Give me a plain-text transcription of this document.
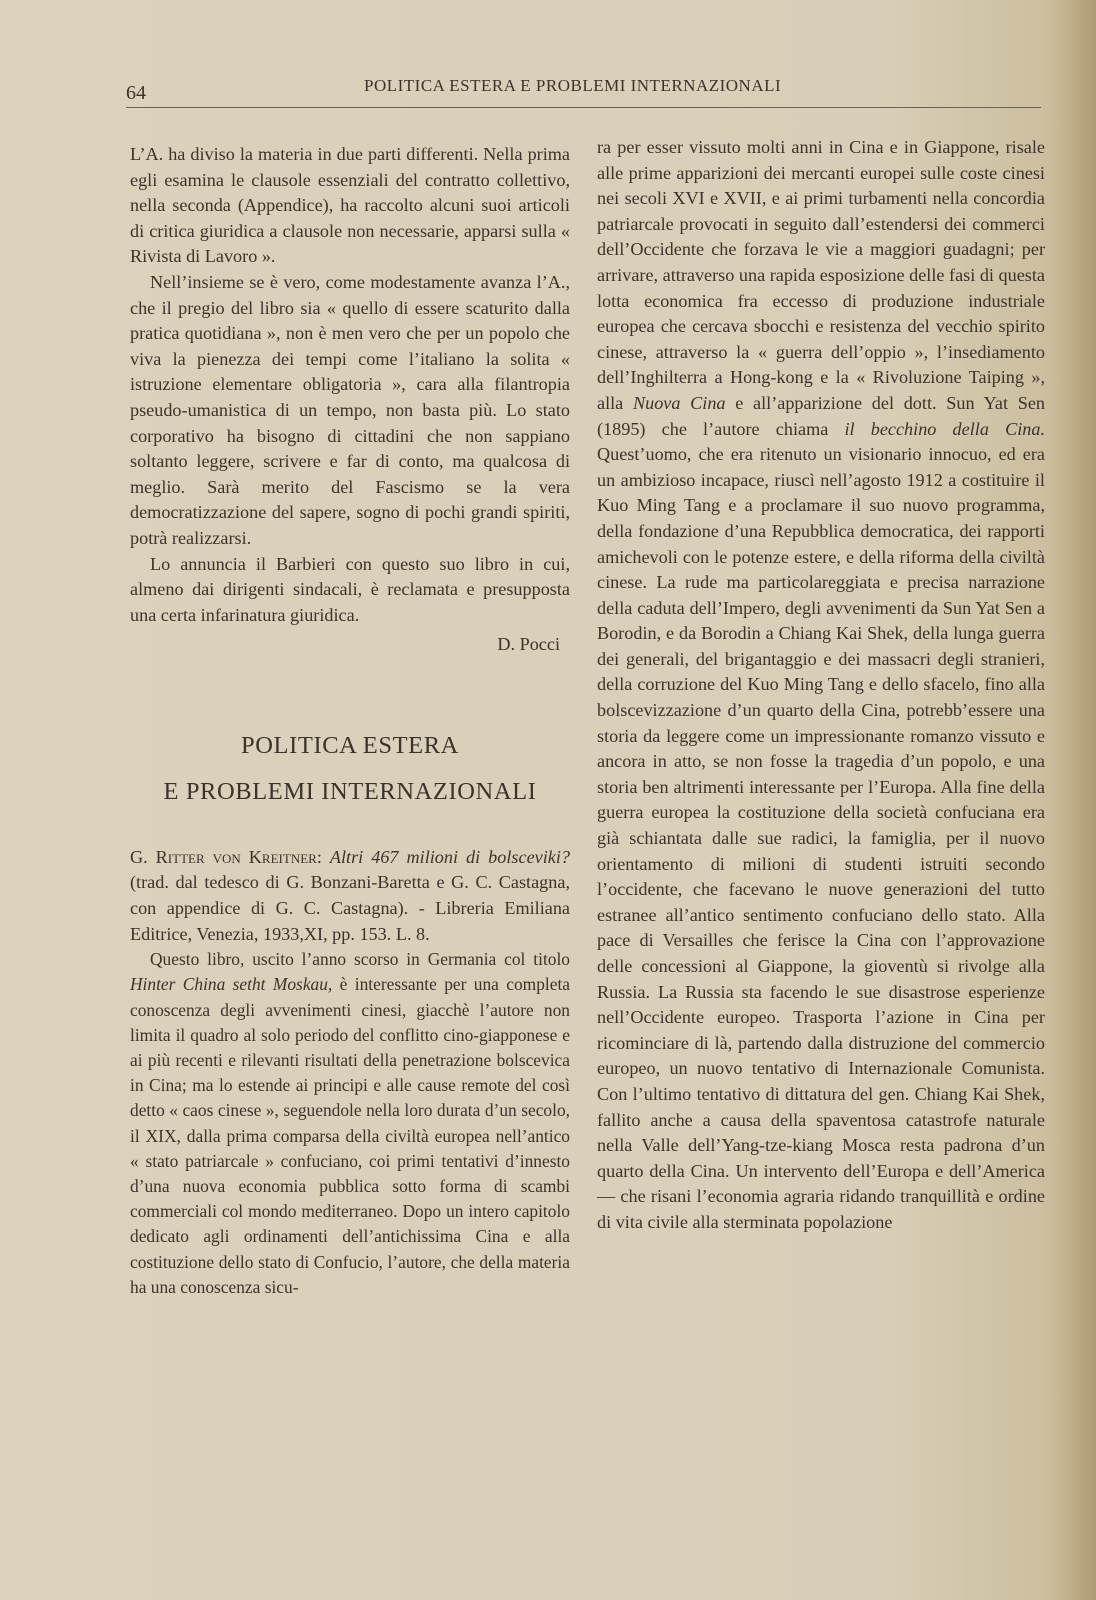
64	POLITICA ESTERA E PROBLEMI INTERNAZIONALI

L’A. ha diviso la materia in due parti differenti. Nella prima egli esamina le clausole essenziali del contratto collettivo, nella seconda (Appendice), ha raccolto alcuni suoi articoli di critica giuridica a clausole non necessarie, apparsi sulla « Rivista di Lavoro ».

Nell’insieme se è vero, come modestamente avanza l’A., che il pregio del libro sia « quello di essere scaturito dalla pratica quotidiana », non è men vero che per un popolo che viva la pienezza dei tempi come l’italiano la solita « istruzione elementare obligatoria », cara alla filantropia pseudo-umanistica di un tempo, non basta più. Lo stato corporativo ha bisogno di cittadini che non sappiano soltanto leggere, scrivere e far di conto, ma qualcosa di meglio. Sarà merito del Fascismo se la vera democratizzazione del sapere, sogno di pochi grandi spiriti, potrà realizzarsi.

Lo annuncia il Barbieri con questo suo libro in cui, almeno dai dirigenti sindacali, è reclamata e presupposta una certa infarinatura giuridica.

D. Pocci
POLITICA ESTERA
E PROBLEMI INTERNAZIONALI

G. Ritter von Kreitner: Altri 467 milioni di bolsceviki? (trad. dal tedesco di G. Bonzani-Baretta e G. C. Castagna, con appendice di G. C. Castagna). - Libreria Emiliana Editrice, Venezia, 1933,XI, pp. 153. L. 8.

Questo libro, uscito l’anno scorso in Germania col titolo Hinter China setht Moskau, è interessante per una completa conoscenza degli avvenimenti cinesi, giacchè l’autore non limita il quadro al solo periodo del conflitto cino-giapponese e ai più recenti e rilevanti risultati della penetrazione bolscevica in Cina; ma lo estende ai principi e alle cause remote del così detto « caos cinese », seguendole nella loro durata d’un secolo, il XIX, dalla prima comparsa della civiltà europea nell’antico « stato patriarcale » confuciano, coi primi tentativi d’innesto d’una nuova economia pubblica sotto forma di scambi commerciali col mondo mediterraneo. Dopo un intero capitolo dedicato agli ordinamenti dell’antichissima Cina e alla costituzione dello stato di Confucio, l’autore, che della materia ha una conoscenza sicu-

ra per esser vissuto molti anni in Cina e in Giappone, risale alle prime apparizioni dei mercanti europei sulle coste cinesi nei secoli XVI e XVII, e ai primi turbamenti nella concordia patriarcale provocati in seguito dall’estendersi dei commerci dell’Occidente che forzava le vie a maggiori guadagni; per arrivare, attraverso una rapida esposizione delle fasi di questa lotta economica fra eccesso di produzione industriale europea che cercava sbocchi e resistenza del vecchio spirito cinese, attraverso la « guerra dell’oppio », l’insediamento dell’Inghilterra a Hong-kong e la « Rivoluzione Taiping », alla Nuova Cina e all’apparizione del dott. Sun Yat Sen (1895) che l’autore chiama il becchino della Cina. Quest’uomo, che era ritenuto un visionario innocuo, ed era un ambizioso incapace, riuscì nell’agosto 1912 a costituire il Kuo Ming Tang e a proclamare il suo nuovo programma, della fondazione d’una Repubblica democratica, dei rapporti amichevoli con le potenze estere, e della riforma della civiltà cinese. La rude ma particolareggiata e precisa narrazione della caduta dell’Impero, degli avvenimenti da Sun Yat Sen a Borodin, e da Borodin a Chiang Kai Shek, della lunga guerra dei generali, del brigantaggio e dei massacri degli stranieri, della corruzione del Kuo Ming Tang e dello sfacelo, fino alla bolscevizzazione d’un quarto della Cina, potrebb’essere una storia da leggere come un impressionante romanzo vissuto e ancora in atto, se non fosse la tragedia d’un popolo, e una storia ben altrimenti interessante per l’Europa. Alla fine della guerra europea la costituzione della società confuciana era già schiantata dalle sue radici, la famiglia, per il nuovo orientamento di milioni di studenti istruiti secondo l’occidente, che facevano le nuove generazioni del tutto estranee all’antico sentimento confuciano dello stato. Alla pace di Versailles che ferisce la Cina con l’approvazione delle concessioni al Giappone, la gioventù si rivolge alla Russia. La Russia sta facendo le sue disastrose esperienze nell’Occidente europeo. Trasporta l’azione in Cina per ricominciare di là, partendo dalla distruzione del commercio europeo, un nuovo tentativo di Internazionale Comunista. Con l’ultimo tentativo di dittatura del gen. Chiang Kai Shek, fallito anche a causa della spaventosa catastrofe naturale nella Valle dell’Yang-tze-kiang Mosca resta padrona d’un quarto della Cina. Un intervento dell’Europa e dell’America — che risani l’economia agraria ridando tranquillità e ordine di vita civile alla sterminata popolazione
